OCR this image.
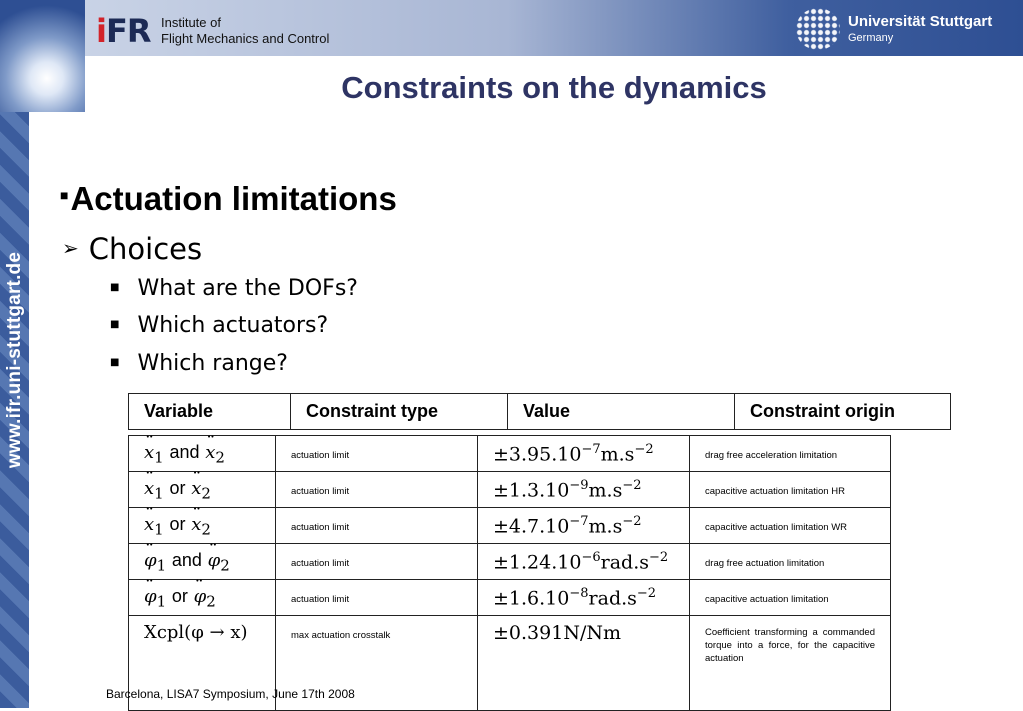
www.ifr.uni-stuttgart.de
iFR Institute of
Flight Mechanics and Control
Universität Stuttgart
Germany
Constraints on the dynamics
■Actuation limitations
➢ Choices
■ What are the DOFs?
■ Which actuators?
■ Which range?
Variable	Constraint type	Value	Constraint origin
¨ $x_1$ and ¨ $x_2$	actuation limit	$\pm 3.95.10^{-7}m.s^{-2}$	drag free acceleration limitation

¨ $x_1$ or ¨ $x_2$	actuation limit	$\pm 1.3.10^{-9}m.s^{-2}$	capacitive actuation limitation HR

¨ $x_1$ or ¨ $x_2$	actuation limit	$\pm 4.7.10^{-7}m.s^{-2}$	capacitive actuation limitation WR

¨ $\varphi_1$ and ¨ $\varphi_2$	actuation limit	$\pm 1.24.10^{-6}rad.s^{-2}$	drag free actuation limitation

¨ $\varphi_1$ or ¨ $\varphi_2$	actuation limit	$\pm 1.6.10^{-8}rad.s^{-2}$	capacitive actuation limitation

Xcpl(φ → x)	max actuation crosstalk	±0.391N/Nm	Coefficient transforming a commanded torque into a force, for the capacitive actuation
Barcelona, LISA7 Symposium, June 17th 2008
